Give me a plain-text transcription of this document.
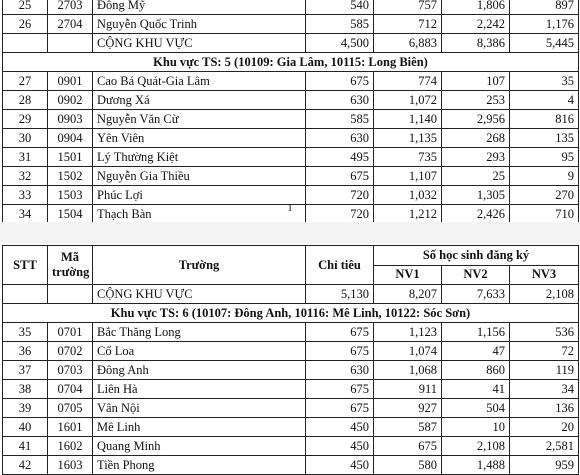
25	2703	Đông Mỹ	540	757	1,806	897
26	2704	Nguyễn Quốc Trinh	585	712	2,242	1,176
		CỘNG KHU VỰC	4,500	6,883	8,386	5,445
Khu vực TS: 5 (10109: Gia Lâm, 10115: Long Biên)						
27	0901	Cao Bá Quát-Gia Lâm	675	774	107	35
28	0902	Dương Xá	630	1,072	253	4
29	0903	Nguyễn Văn Cừ	585	1,140	2,956	816
30	0904	Yên Viên	630	1,135	268	135
31	1501	Lý Thường Kiệt	495	735	293	95
32	1502	Nguyễn Gia Thiều	675	1,107	25	9
33	1503	Phúc Lợi	720	1,032	1,305	270
34	1504	Thạch Bàn	720	1,212	2,426	710
1
STT	Mã trường	Trường	Chỉ tiêu	Số học sinh đăng ký		
				NV1	NV2	NV3
		CỘNG KHU VỰC	5,130	8,207	7,633	2,108
Khu vực TS: 6 (10107: Đông Anh, 10116: Mê Linh, 10122: Sóc Sơn)						
35	0701	Bắc Thăng Long	675	1,123	1,156	536
36	0702	Cổ Loa	675	1,074	47	72
37	0703	Đông Anh	630	1,068	860	119
38	0704	Liên Hà	675	911	41	34
39	0705	Vân Nội	675	927	504	136
40	1601	Mê Linh	450	587	10	20
41	1602	Quang Minh	450	675	2,108	2,581
42	1603	Tiền Phong	450	580	1,488	959
